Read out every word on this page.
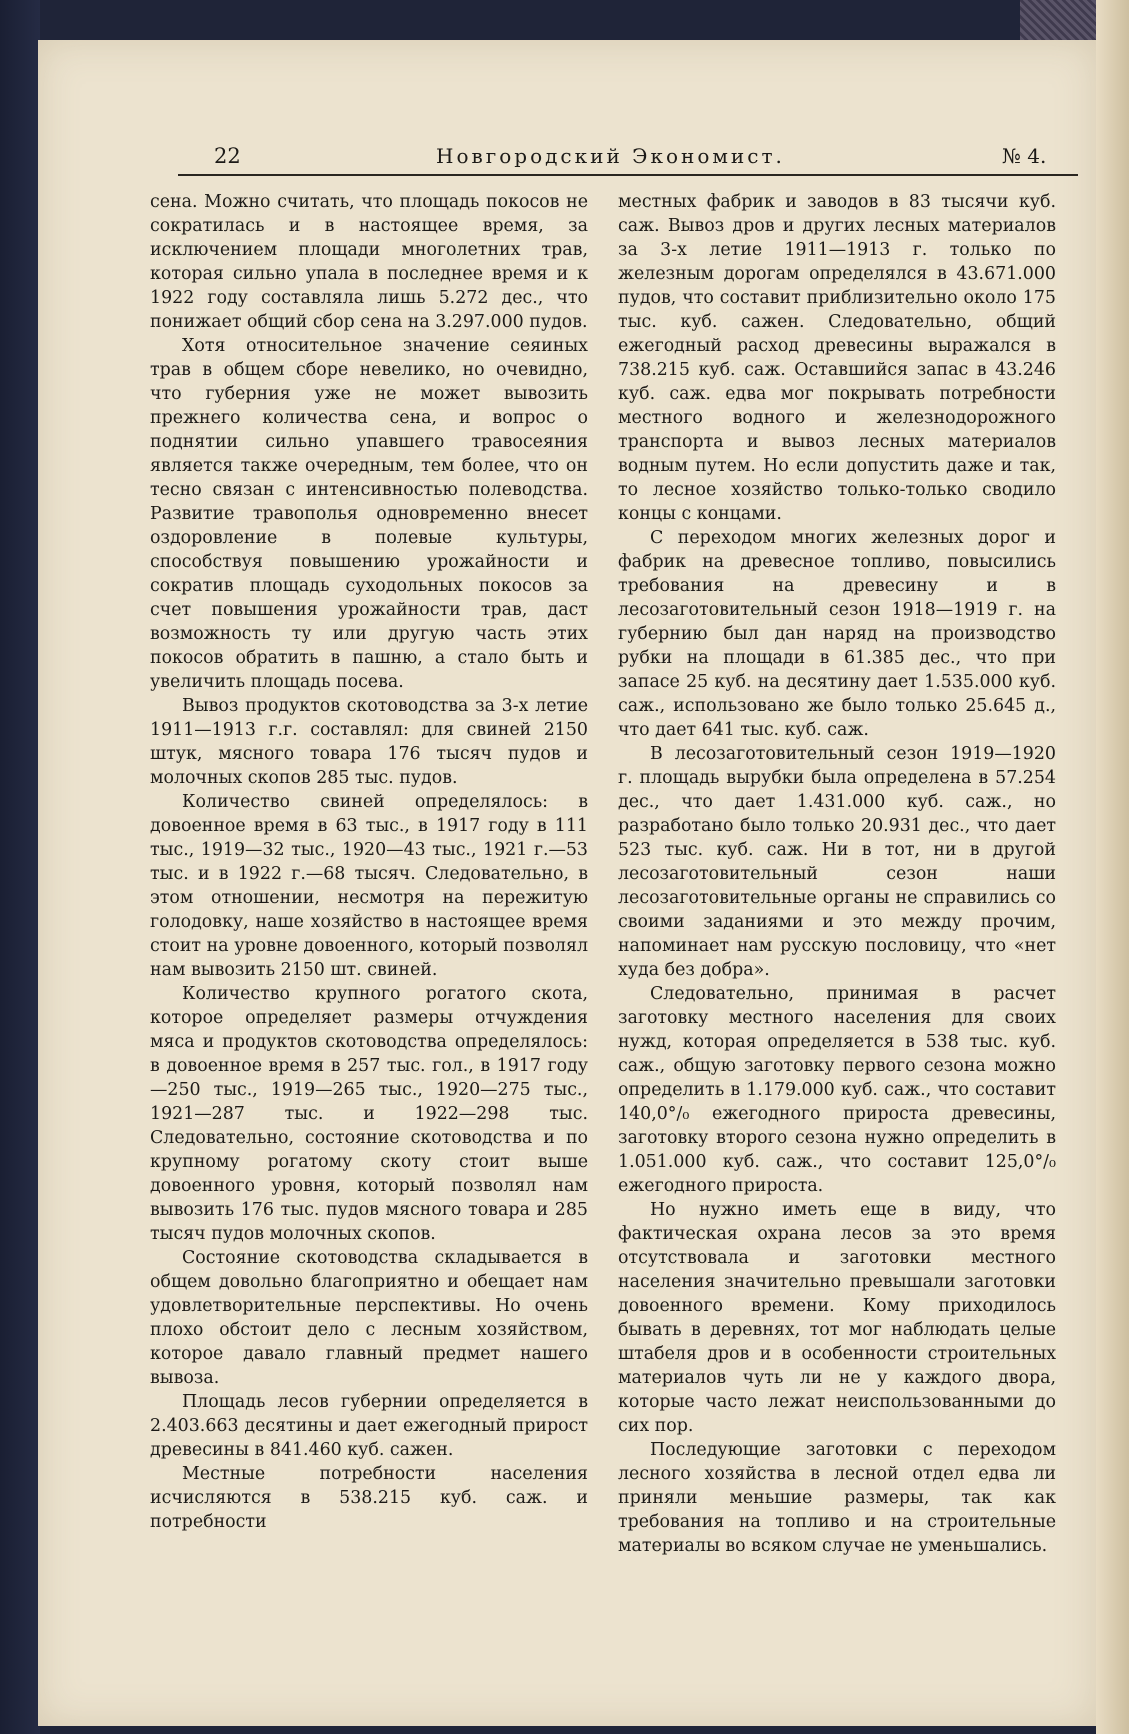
22	Новгородский Экономист.	№ 4.

сена. Можно считать, что площадь покосов не сократилась и в настоящее время, за исключением площади многолетних трав, которая сильно упала в последнее время и к 1922 году составляла лишь 5.272 дес., что понижает общий сбор сена на 3.297.000 пудов.

Хотя относительное значение сеяиных трав в общем сборе невелико, но очевидно, что губерния уже не может вывозить прежнего количества сена, и вопрос о поднятии сильно упавшего травосеяния является также очередным, тем более, что он тесно связан с интенсивностью полеводства. Развитие травополья одновременно внесет оздоровление в полевые культуры, способствуя повышению урожайности и сократив площадь суходольных покосов за счет повышения урожайности трав, даст возможность ту или другую часть этих покосов обратить в пашню, а стало быть и увеличить площадь посева.

Вывоз продуктов скотоводства за 3-х летие 1911—1913 г.г. составлял: для свиней 2150 штук, мясного товара 176 тысяч пудов и молочных скопов 285 тыс. пудов.

Количество свиней определялось: в довоенное время в 63 тыс., в 1917 году в 111 тыс., 1919—32 тыс., 1920—43 тыс., 1921 г.—53 тыс. и в 1922 г.—68 тысяч. Следовательно, в этом отношении, несмотря на пережитую голодовку, наше хозяйство в настоящее время стоит на уровне довоенного, который позволял нам вывозить 2150 шт. свиней.

Количество крупного рогатого скота, которое определяет размеры отчуждения мяса и продуктов скотоводства определялось: в довоенное время в 257 тыс. гол., в 1917 году—250 тыс., 1919—265 тыс., 1920—275 тыс., 1921—287 тыс. и 1922—298 тыс. Следовательно, состояние скотоводства и по крупному рогатому скоту стоит выше довоенного уровня, который позволял нам вывозить 176 тыс. пудов мясного товара и 285 тысяч пудов молочных скопов.

Состояние скотоводства складывается в общем довольно благоприятно и обещает нам удовлетворительные перспективы. Но очень плохо обстоит дело с лесным хозяйством, которое давало главный предмет нашего вывоза.

Площадь лесов губернии определяется в 2.403.663 десятины и дает ежегодный прирост древесины в 841.460 куб. сажен.

Местные потребности населения исчисляются в 538.215 куб. саж. и потребности

местных фабрик и заводов в 83 тысячи куб. саж. Вывоз дров и других лесных материалов за 3-х летие 1911—1913 г. только по железным дорогам определялся в 43.671.000 пудов, что составит приблизительно около 175 тыс. куб. сажен. Следовательно, общий ежегодный расход древесины выражался в 738.215 куб. саж. Оставшийся запас в 43.246 куб. саж. едва мог покрывать потребности местного водного и железнодорожного транспорта и вывоз лесных материалов водным путем. Но если допустить даже и так, то лесное хозяйство только-только сводило концы с концами.

С переходом многих железных дорог и фабрик на древесное топливо, повысились требования на древесину и в лесозаготовительный сезон 1918—1919 г. на губернию был дан наряд на производство рубки на площади в 61.385 дес., что при запасе 25 куб. на десятину дает 1.535.000 куб. саж., использовано же было только 25.645 д., что дает 641 тыс. куб. саж.

В лесозаготовительный сезон 1919—1920 г. площадь вырубки была определена в 57.254 дес., что дает 1.431.000 куб. саж., но разработано было только 20.931 дес., что дает 523 тыс. куб. саж. Ни в тот, ни в другой лесозаготовительный сезон наши лесозаготовительные органы не справились со своими заданиями и это между прочим, напоминает нам русскую пословицу, что «нет худа без добра».

Следовательно, принимая в расчет заготовку местного населения для своих нужд, которая определяется в 538 тыс. куб. саж., общую заготовку первого сезона можно определить в 1.179.000 куб. саж., что составит 140,0°/₀ ежегодного прироста древесины, заготовку второго сезона нужно определить в 1.051.000 куб. саж., что составит 125,0°/₀ ежегодного прироста.

Но нужно иметь еще в виду, что фактическая охрана лесов за это время отсутствовала и заготовки местного населения значительно превышали заготовки довоенного времени. Кому приходилось бывать в деревнях, тот мог наблюдать целые штабеля дров и в особенности строительных материалов чуть ли не у каждого двора, которые часто лежат неиспользованными до сих пор.

Последующие заготовки с переходом лесного хозяйства в лесной отдел едва ли приняли меньшие размеры, так как требования на топливо и на строительные материалы во всяком случае не уменьшались.
